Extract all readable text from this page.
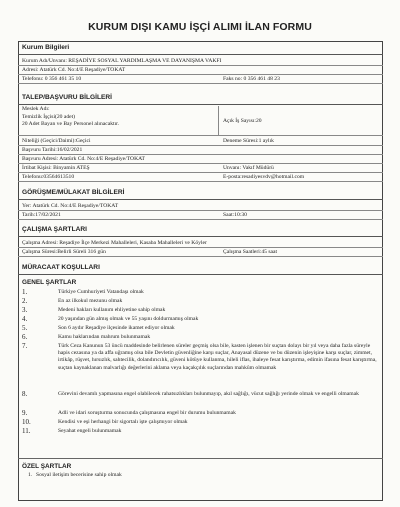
KURUM DIŞI KAMU İŞÇİ ALIMI İLAN FORMU
Kurum Bilgileri
Kurum Adı/Unvanı: REŞADİYE SOSYAL YARDIMLAŞMA VE DAYANIŞMA VAKFI
Adresi: Atatürk Cd. No:4/E Reşadiye/TOKAT
Telefonu: 0 356 461 35 10	Faks no: 0 356 461 48 23
TALEP/BAŞVURU BİLGİLERİ
Meslek Adı:
Temizlik İşçisi(20 adet)
20 Adet Bayan ve Bay Personel alınacaktır.	Açık İş Sayısı:20
Niteliği (Geçici/Daimi):Geçici	Deneme Süresi:1 aylık
Başvuru Tarihi:16/02/2021
Başvuru Adresi: Atatürk Cd. No:4/E Reşadiye/TOKAT
İrtibat Kişisi: Binyamin ATEŞ	Unvanı: Vakıf Müdürü
Telefonu:03564613510	E-posta:resadiyesvdv@hotmail.com
GÖRÜŞME/MÜLAKAT BİLGİLERİ
Yer: Atatürk Cd. No:4/E Reşadiye/TOKAT
Tarih:17/02/2021	Saat:10:30
ÇALIŞMA ŞARTLARI
Çalışma Adresi: Reşadiye İlçe Merkezi Mahalleleri, Kasaba Mahalleleri ve Köyler
Çalışma Süresi:Belirli Süreli 316 gün	Çalışma Saatleri:45 saat
MÜRACAAT KOŞULLARI
GENEL ŞARTLAR
1.	Türkiye Cumhuriyeti Vatandaşı olmak
2.	En az ilkokul mezunu olmak
3.	Medeni hakları kullanım ehliyetine sahip olmak
4.	20 yaşından gün almış olmak ve 55 yaşını doldurmamış olmak
5.	Son 6 aydır Reşadiye ilçesinde ikamet ediyor olmak
6.	Kamu haklarından mahrum bulunmamak
7.	Türk Ceza Kanunun 53 üncü maddesinde belirlenen süreler geçmiş olsa bile, kasten işlenen bir suçtan dolayı bir yıl veya daha fazla süreyle hapis cezasına ya da affa uğramış olsa bile Devletin güvenliğine karşı suçlar, Anayasal düzene ve bu düzenin işleyişine karşı suçlar, zimmet, irtikâp, rüşvet, hırsızlık, sahtecilik, dolandırıcılık, güveni kötüye kullanma, hileli iflas, ihaleye fesat karıştırma, edimin ifasına fesat karıştırma, suçtan kaynaklanan malvarlığı değerlerini aklama veya kaçakçılık suçlarından mahkûm olmamak
8.	Görevini devamlı yapmasına engel olabilecek rahatsızlıkları bulunmayıp, akıl sağlığı, vücut sağlığı yerinde olmak ve engelli olmamak
9.	Adli ve idari soruşturma sonucunda çalışmasına engel bir durumu bulunmamak
10.	Kendisi ve eşi herhangi bir sigortalı işte çalışmıyor olmak
11.	Seyahat engeli bulunmamak
ÖZEL ŞARTLAR
1. Sosyal iletişim becerisine sahip olmak
